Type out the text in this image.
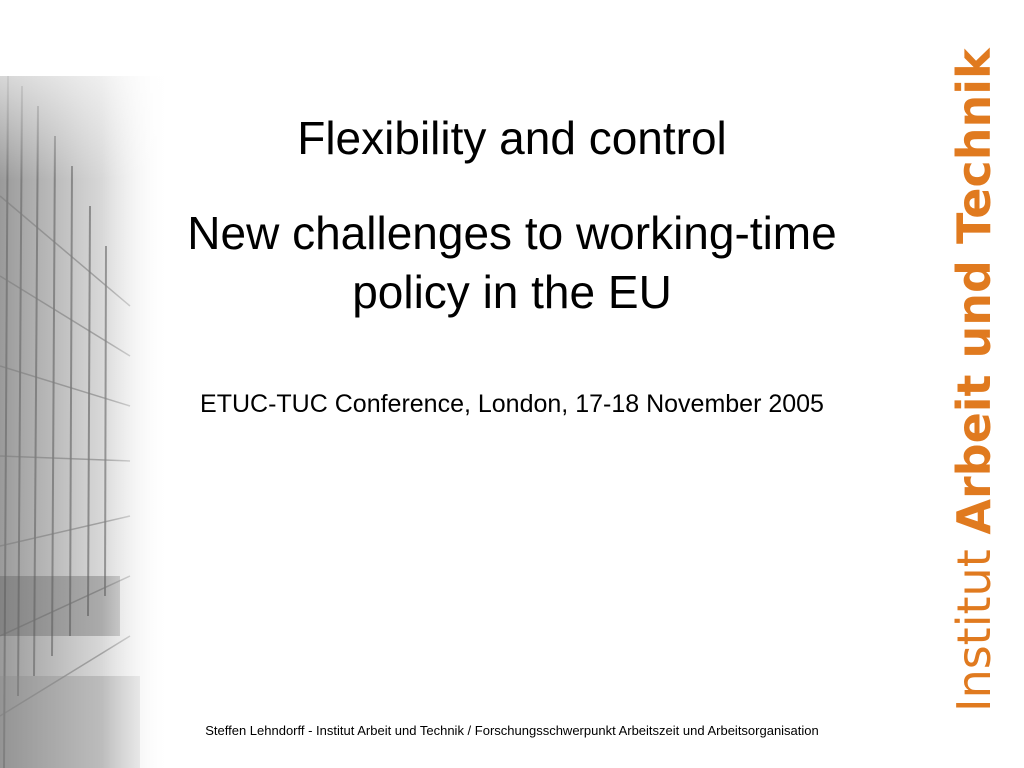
Flexibility and control
New challenges to working-time
policy in the EU
ETUC-TUC Conference, London, 17-18 November 2005
Steffen Lehndorff - Institut Arbeit und Technik / Forschungsschwerpunkt Arbeitszeit und Arbeitsorganisation
Institut Arbeit und Technik
